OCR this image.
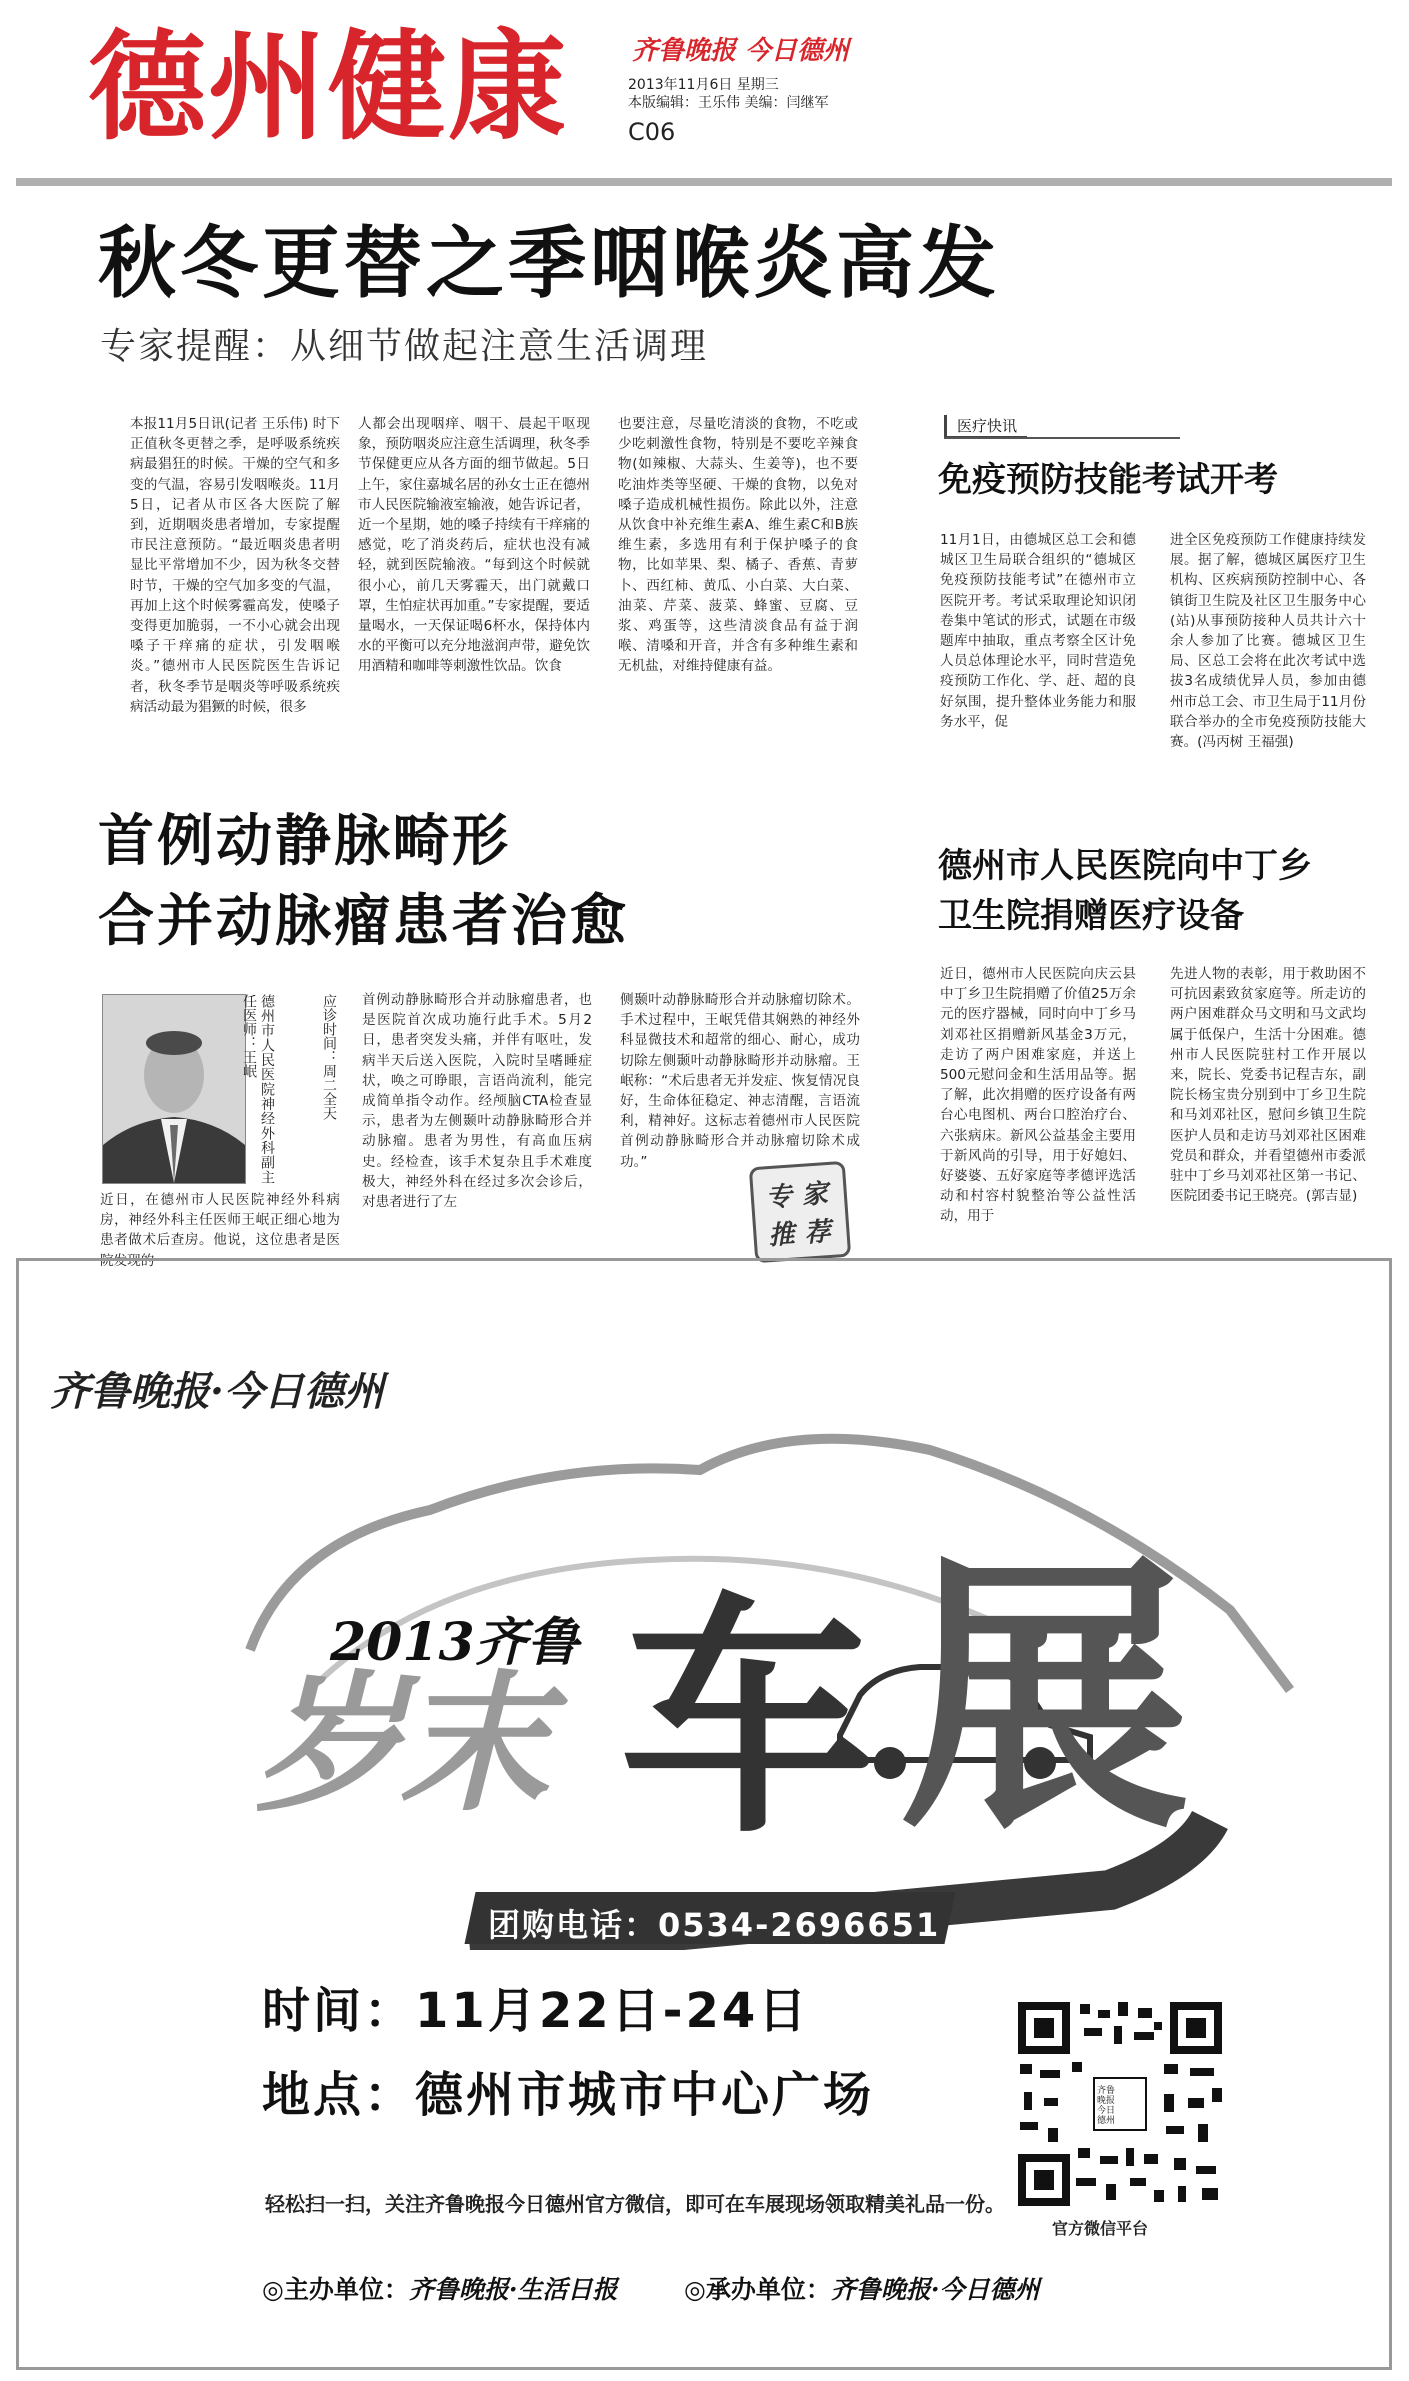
德州健康 齐鲁晚报 今日德州
2013年11月6日 星期三
本版编辑：王乐伟 美编：闫继军
C06
秋冬更替之季咽喉炎高发
专家提醒：从细节做起注意生活调理
本报11月5日讯(记者 王乐伟) 时下正值秋冬更替之季，是呼吸系统疾病最猖狂的时候。干燥的空气和多变的气温，容易引发咽喉炎。11月5日，记者从市区各大医院了解到，近期咽炎患者增加，专家提醒市民注意预防。“最近咽炎患者明显比平常增加不少，因为秋冬交替时节，干燥的空气加多变的气温，再加上这个时候雾霾高发，使嗓子变得更加脆弱，一不小心就会出现嗓子干痒痛的症状，引发咽喉炎。”德州市人民医院医生告诉记者，秋冬季节是咽炎等呼吸系统疾病活动最为猖獗的时候，很多
人都会出现咽痒、咽干、晨起干呕现象，预防咽炎应注意生活调理，秋冬季节保健更应从各方面的细节做起。5日上午，家住嘉城名居的孙女士正在德州市人民医院输液室输液，她告诉记者，近一个星期，她的嗓子持续有干痒痛的感觉，吃了消炎药后，症状也没有减轻，就到医院输液。“每到这个时候就很小心，前几天雾霾天，出门就戴口罩，生怕症状再加重。”专家提醒，要适量喝水，一天保证喝6杯水，保持体内水的平衡可以充分地滋润声带，避免饮用酒精和咖啡等刺激性饮品。饮食
也要注意，尽量吃清淡的食物，不吃或少吃刺激性食物，特别是不要吃辛辣食物(如辣椒、大蒜头、生姜等)，也不要吃油炸类等坚硬、干燥的食物，以免对嗓子造成机械性损伤。除此以外，注意从饮食中补充维生素A、维生素C和B族维生素，多选用有利于保护嗓子的食物，比如苹果、梨、橘子、香蕉、青萝卜、西红柿、黄瓜、小白菜、大白菜、油菜、芹菜、菠菜、蜂蜜、豆腐、豆浆、鸡蛋等，这些清淡食品有益于润喉、清嗓和开音，并含有多种维生素和无机盐，对维持健康有益。
医疗快讯
免疫预防技能考试开考
11月1日，由德城区总工会和德城区卫生局联合组织的“德城区免疫预防技能考试”在德州市立医院开考。考试采取理论知识闭卷集中笔试的形式，试题在市级题库中抽取，重点考察全区计免人员总体理论水平，同时营造免疫预防工作化、学、赶、超的良好氛围，提升整体业务能力和服务水平，促
进全区免疫预防工作健康持续发展。据了解，德城区属医疗卫生机构、区疾病预防控制中心、各镇街卫生院及社区卫生服务中心(站)从事预防接种人员共计六十余人参加了比赛。德城区卫生局、区总工会将在此次考试中选拔3名成绩优异人员，参加由德州市总工会、市卫生局于11月份联合举办的全市免疫预防技能大赛。(冯丙树 王福强)
德州市人民医院向中丁乡
卫生院捐赠医疗设备
近日，德州市人民医院向庆云县中丁乡卫生院捐赠了价值25万余元的医疗器械，同时向中丁乡马刘邓社区捐赠新风基金3万元，走访了两户困难家庭，并送上500元慰问金和生活用品等。据了解，此次捐赠的医疗设备有两台心电图机、两台口腔治疗台、六张病床。新风公益基金主要用于新风尚的引导，用于好媳妇、好婆婆、五好家庭等孝德评选活动和村容村貌整治等公益性活动，用于
先进人物的表彰，用于救助困不可抗因素致贫家庭等。所走访的两户困难群众马文明和马文武均属于低保户，生活十分困难。德州市人民医院驻村工作开展以来，院长、党委书记程吉东，副院长杨宝贵分别到中丁乡卫生院和马刘邓社区，慰问乡镇卫生院医护人员和走访马刘邓社区困难党员和群众，并看望德州市委派驻中丁乡马刘邓社区第一书记、医院团委书记王晓亮。(郭吉显)
首例动静脉畸形
合并动脉瘤患者治愈
德州市人民医院神经外科副主任医师：王岷	应诊时间：周二全天
近日，在德州市人民医院神经外科病房，神经外科主任医师王岷正细心地为患者做术后查房。他说，这位患者是医院发现的
首例动静脉畸形合并动脉瘤患者，也是医院首次成功施行此手术。5月2日，患者突发头痛，并伴有呕吐，发病半天后送入医院，入院时呈嗜睡症状，唤之可睁眼，言语尚流利，能完成简单指令动作。经颅脑CTA检查显示，患者为左侧颞叶动静脉畸形合并动脉瘤。患者为男性，有高血压病史。经检查，该手术复杂且手术难度极大，神经外科在经过多次会诊后，对患者进行了左
侧颞叶动静脉畸形合并动脉瘤切除术。手术过程中，王岷凭借其娴熟的神经外科显微技术和超常的细心、耐心，成功切除左侧颞叶动静脉畸形并动脉瘤。王岷称：“术后患者无并发症、恢复情况良好，生命体征稳定、神志清醒，言语流利，精神好。这标志着德州市人民医院首例动静脉畸形合并动脉瘤切除术成功。”
专 家
推 荐
齐鲁晚报·今日德州
2013齐鲁
岁末 车 展
团购电话：0534-2696651
时间：11月22日-24日
地点：德州市城市中心广场
轻松扫一扫，关注齐鲁晚报今日德州官方微信，即可在车展现场领取精美礼品一份。
齐鲁晚报 今日德州
官方微信平台
◎主办单位：齐鲁晚报·生活日报	◎承办单位：齐鲁晚报·今日德州
